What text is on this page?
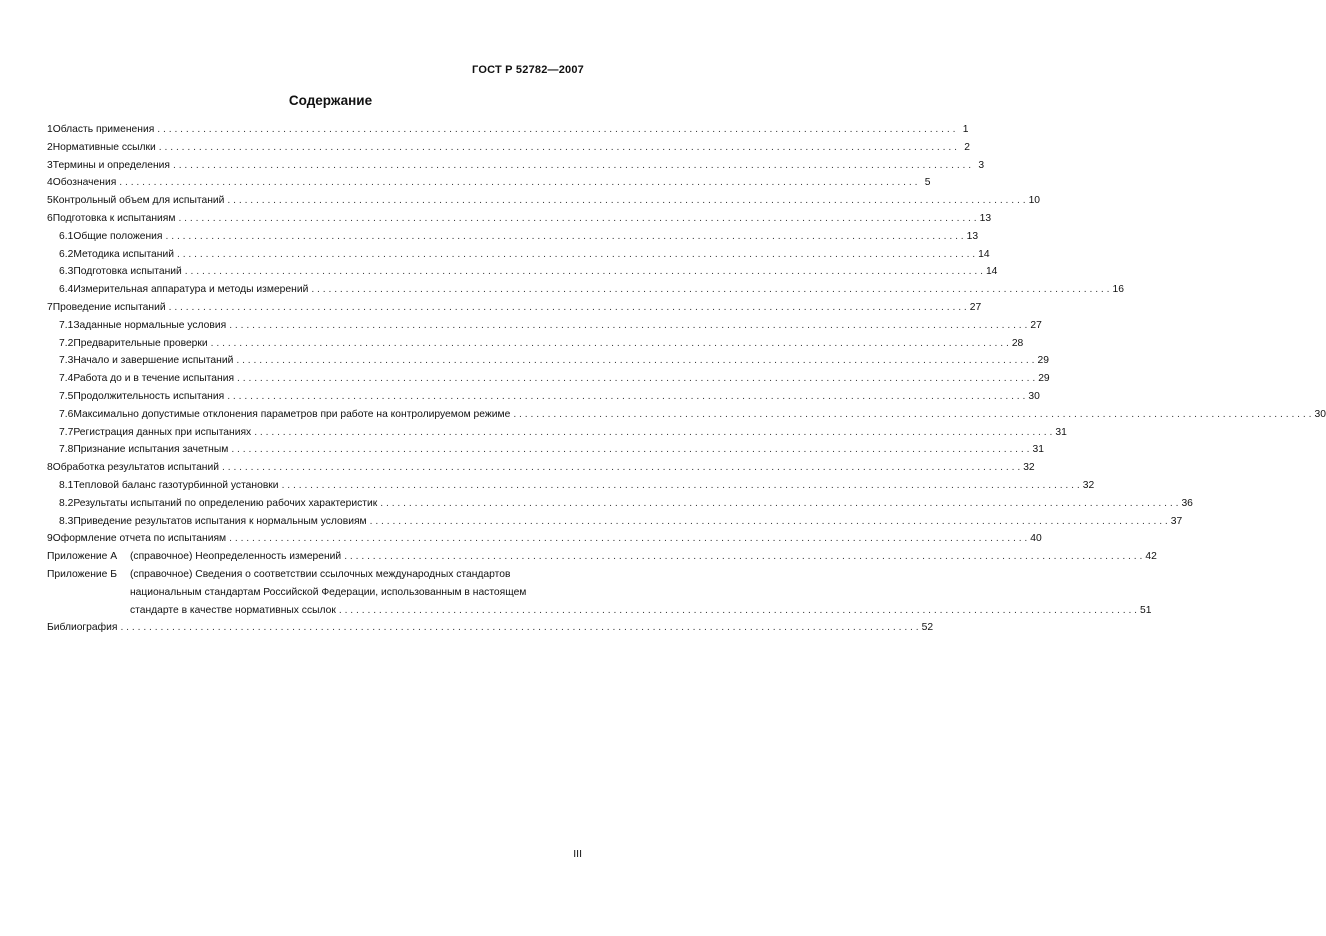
ГОСТ Р 52782—2007
Содержание
1 Область применения . . .	1
2 Нормативные ссылки . . .	2
3 Термины и определения . . .	3
4 Обозначения . . .	5
5 Контрольный объем для испытаний . . .	10
6 Подготовка к испытаниям . . .	13
6.1 Общие положения . . .	13
6.2 Методика испытаний . . .	14
6.3 Подготовка испытаний . . .	14
6.4 Измерительная аппаратура и методы измерений . . .	16
7 Проведение испытаний . . .	27
7.1 Заданные нормальные условия . . .	27
7.2 Предварительные проверки . . .	28
7.3 Начало и завершение испытаний . . .	29
7.4 Работа до и в течение испытания . . .	29
7.5 Продолжительность испытания . . .	30
7.6 Максимально допустимые отклонения параметров при работе на контролируемом режиме . . .	30
7.7 Регистрация данных при испытаниях . . .	31
7.8 Признание испытания зачетным . . .	31
8 Обработка результатов испытаний . . .	32
8.1 Тепловой баланс газотурбинной установки . . .	32
8.2 Результаты испытаний по определению рабочих характеристик . . .	36
8.3 Приведение результатов испытания к нормальным условиям . . .	37
9 Оформление отчета по испытаниям . . .	40
Приложение А	(справочное) Неопределенность измерений . . .	42
Приложение Б	(справочное) Сведения о соответствии ссылочных международных стандартов
национальным стандартам Российской Федерации, использованным в настоящем
стандарте в качестве нормативных ссылок . . .	51
Библиография . . .	52
III
